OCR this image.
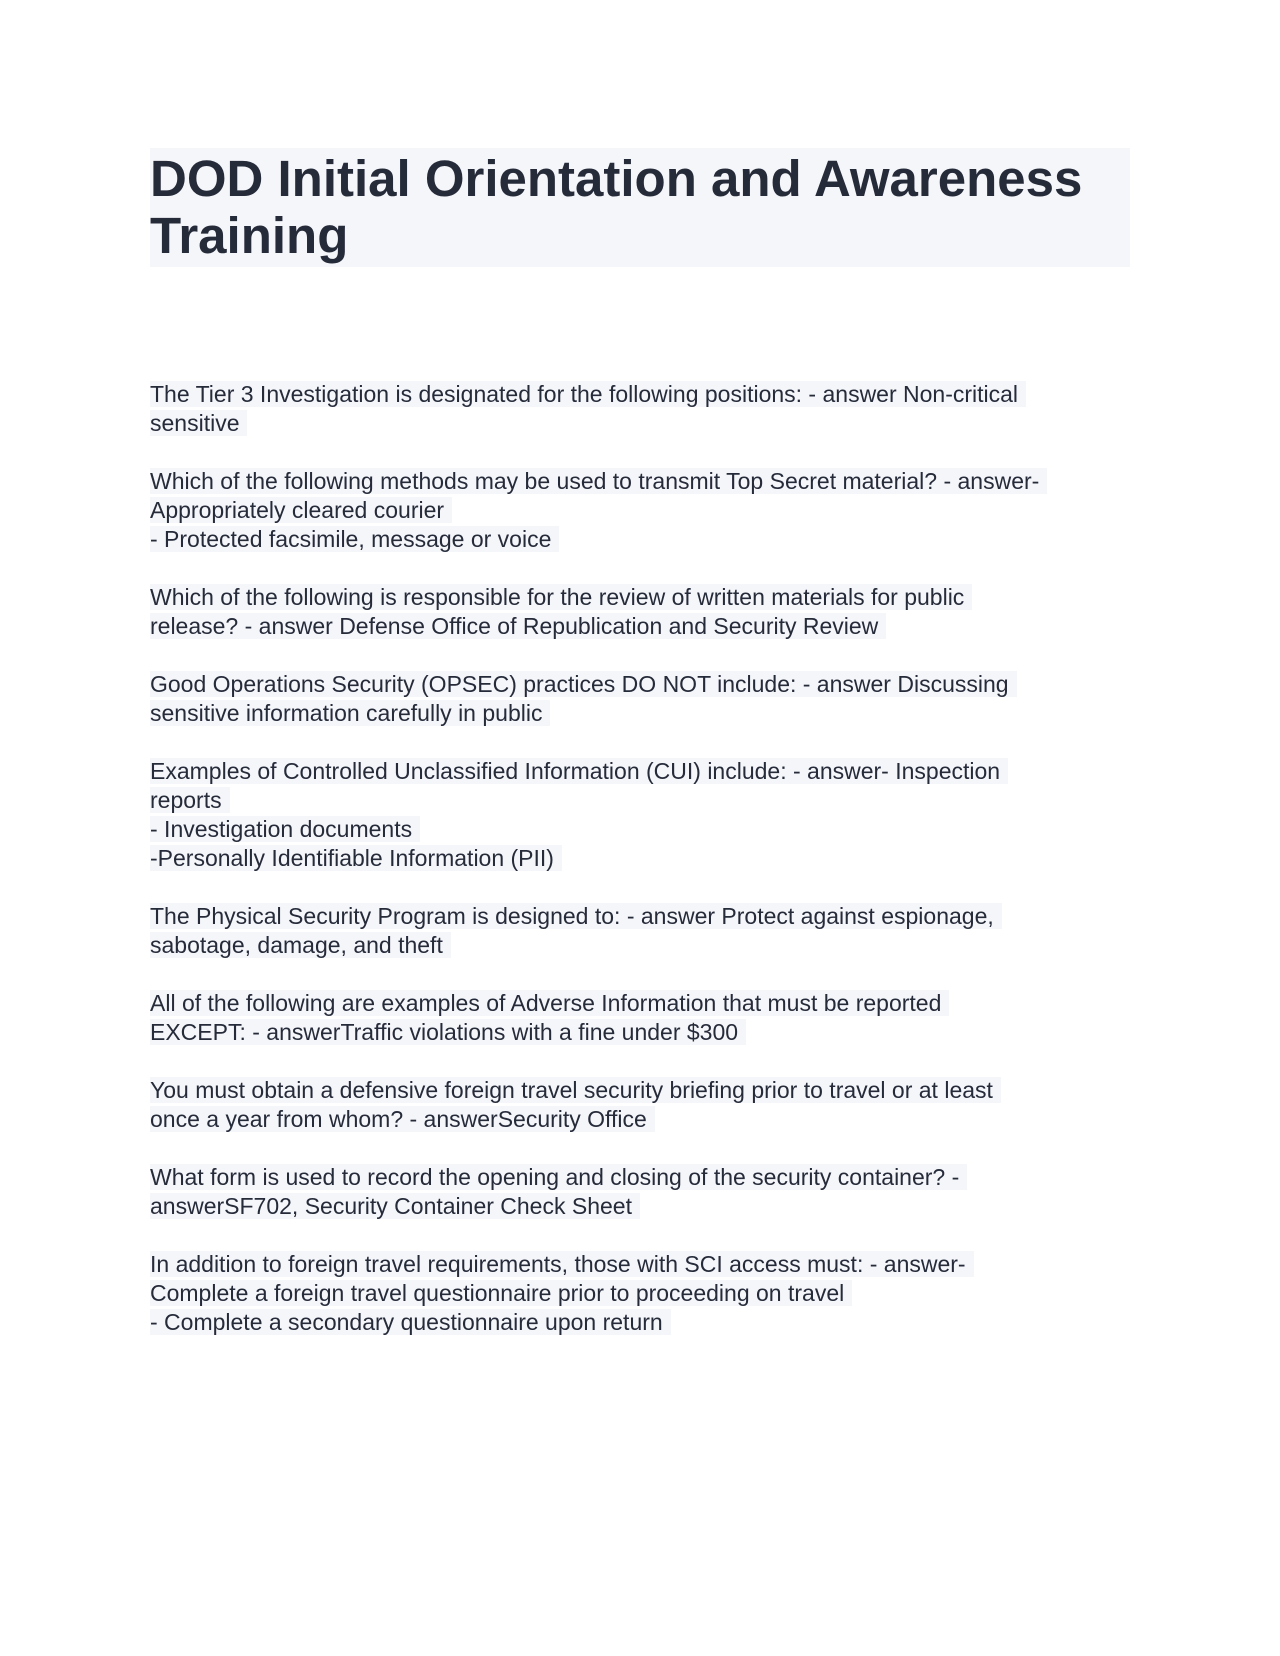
DOD Initial Orientation and Awareness
Training
The Tier 3 Investigation is designated for the following positions: - answer Non-critical
sensitive
Which of the following methods may be used to transmit Top Secret material? - answer-
Appropriately cleared courier
- Protected facsimile, message or voice
Which of the following is responsible for the review of written materials for public
release? - answer Defense Office of Republication and Security Review
Good Operations Security (OPSEC) practices DO NOT include: - answer Discussing
sensitive information carefully in public
Examples of Controlled Unclassified Information (CUI) include: - answer- Inspection
reports
- Investigation documents
-Personally Identifiable Information (PII)
The Physical Security Program is designed to: - answer Protect against espionage,
sabotage, damage, and theft
All of the following are examples of Adverse Information that must be reported
EXCEPT: - answerTraffic violations with a fine under $300
You must obtain a defensive foreign travel security briefing prior to travel or at least
once a year from whom? - answerSecurity Office
What form is used to record the opening and closing of the security container? -
answerSF702, Security Container Check Sheet
In addition to foreign travel requirements, those with SCI access must: - answer-
Complete a foreign travel questionnaire prior to proceeding on travel
- Complete a secondary questionnaire upon return
